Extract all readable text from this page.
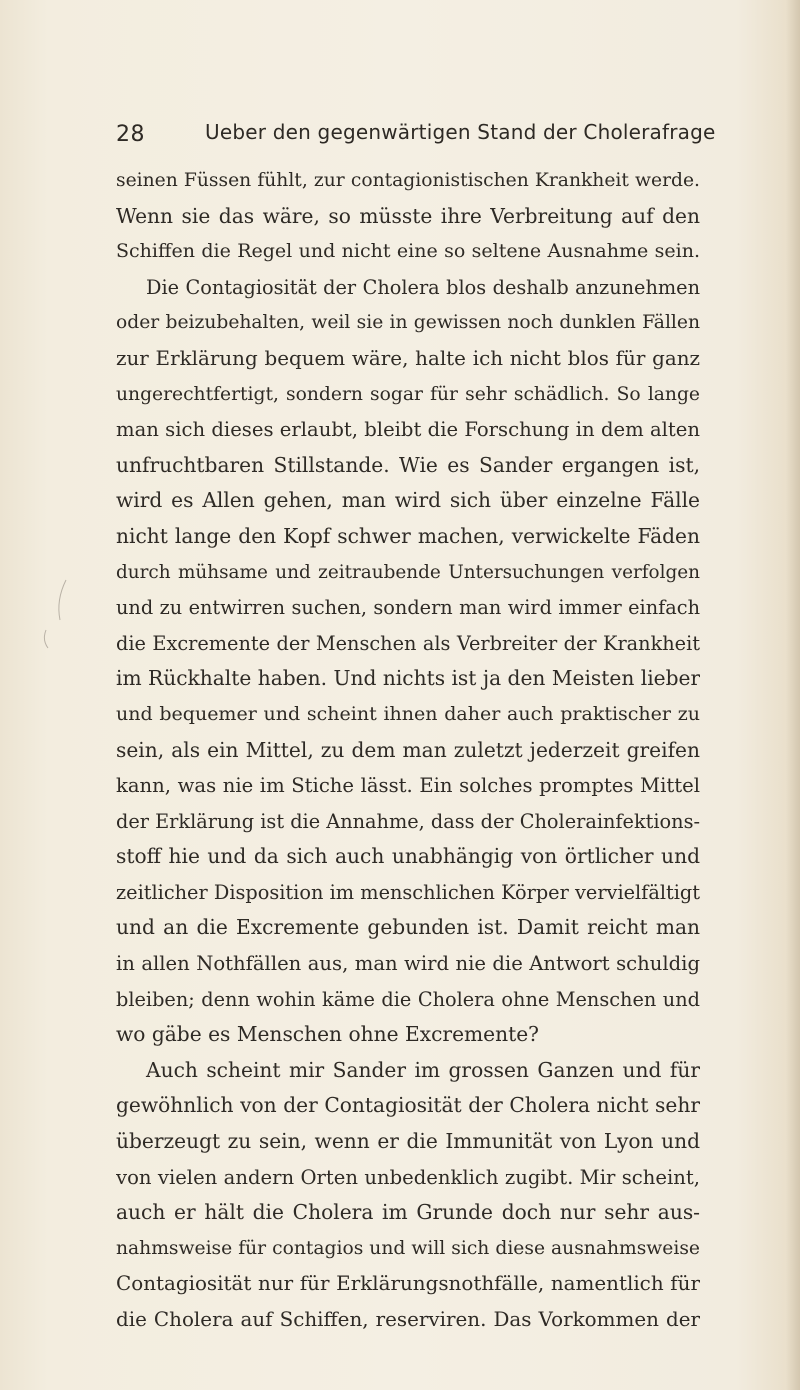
28	Ueber den gegenwärtigen Stand der Cholerafrage
seinen Füssen fühlt, zur contagionistischen Krankheit werde.
Wenn sie das wäre, so müsste ihre Verbreitung auf den
Schiffen die Regel und nicht eine so seltene Ausnahme sein.
Die Contagiosität der Cholera blos deshalb anzunehmen
oder beizubehalten, weil sie in gewissen noch dunklen Fällen
zur Erklärung bequem wäre, halte ich nicht blos für ganz
ungerechtfertigt, sondern sogar für sehr schädlich. So lange
man sich dieses erlaubt, bleibt die Forschung in dem alten
unfruchtbaren Stillstande. Wie es Sander ergangen ist,
wird es Allen gehen, man wird sich über einzelne Fälle
nicht lange den Kopf schwer machen, verwickelte Fäden
durch mühsame und zeitraubende Untersuchungen verfolgen
und zu entwirren suchen, sondern man wird immer einfach
die Excremente der Menschen als Verbreiter der Krankheit
im Rückhalte haben. Und nichts ist ja den Meisten lieber
und bequemer und scheint ihnen daher auch praktischer zu
sein, als ein Mittel, zu dem man zuletzt jederzeit greifen
kann, was nie im Stiche lässt. Ein solches promptes Mittel
der Erklärung ist die Annahme, dass der Cholerainfektions-
stoff hie und da sich auch unabhängig von örtlicher und
zeitlicher Disposition im menschlichen Körper vervielfältigt
und an die Excremente gebunden ist. Damit reicht man
in allen Nothfällen aus, man wird nie die Antwort schuldig
bleiben; denn wohin käme die Cholera ohne Menschen und
wo gäbe es Menschen ohne Excremente?
Auch scheint mir Sander im grossen Ganzen und für
gewöhnlich von der Contagiosität der Cholera nicht sehr
überzeugt zu sein, wenn er die Immunität von Lyon und
von vielen andern Orten unbedenklich zugibt. Mir scheint,
auch er hält die Cholera im Grunde doch nur sehr aus-
nahmsweise für contagios und will sich diese ausnahmsweise
Contagiosität nur für Erklärungsnothfälle, namentlich für
die Cholera auf Schiffen, reserviren. Das Vorkommen der
